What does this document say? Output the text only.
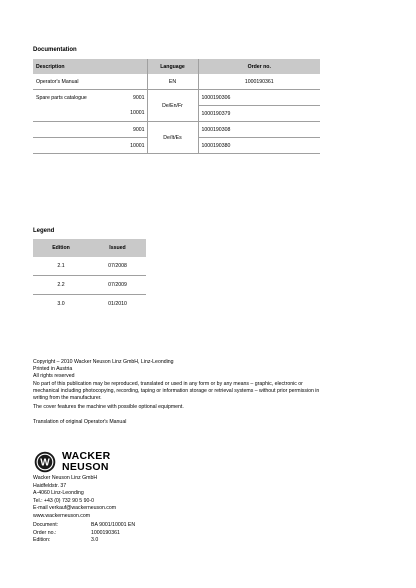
Documentation
Description	Language	Order no.
Operator's Manual	EN	1000190361
Spare parts catalogue 9001	De/En/Fr	1000190306
10001		1000190379
9001	De/It/Es	1000190308
10001		1000190380
Legend
Edition	Issued
2.1	07/2008
2.2	07/2009
3.0	01/2010
Copyright – 2010 Wacker Neuson Linz GmbH, Linz-Leonding
Printed in Austria
All rights reserved
No part of this publication may be reproduced, translated or used in any form or by any means – graphic, electronic or mechanical including photocopying, recording, taping or information storage or retrieval systems – without prior permission in writing from the manufacturer.
The cover features the machine with possible optional equipment.
Translation of original Operator's Manual
W
WACKER
NEUSON
Wacker Neuson Linz GmbH
Haidfeldstr. 37
A-4060 Linz-Leonding
Tel.: +43 (0) 732 90 5 90-0
E-mail verkauf@wackerneuson.com
www.wackerneuson.com
Document:	BA 9001/10001 EN
Order no.:	1000190361
Edition:	3.0
